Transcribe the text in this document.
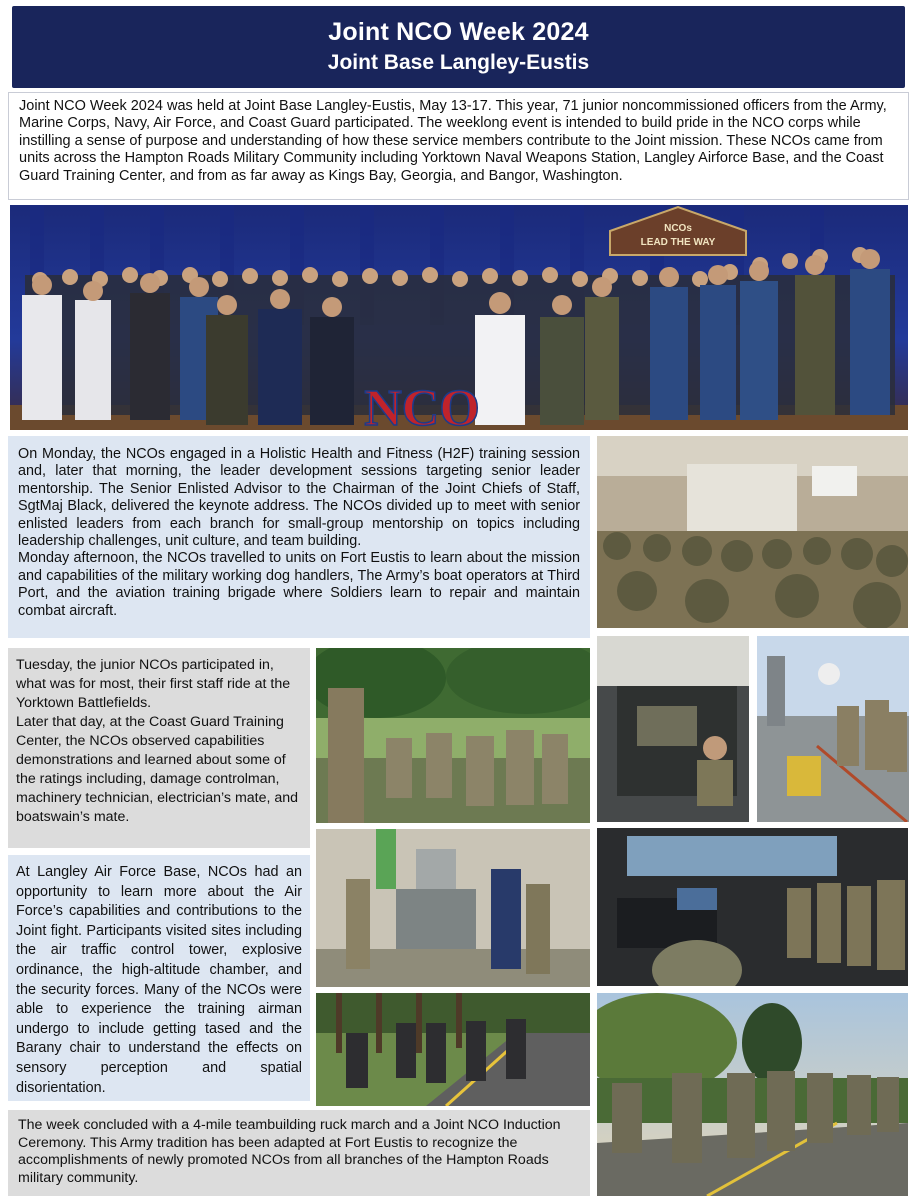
Joint NCO Week 2024
Joint Base Langley-Eustis
Joint NCO Week 2024 was held at Joint Base Langley-Eustis, May 13-17. This year, 71 junior noncommissioned officers from the Army, Marine Corps, Navy, Air Force, and Coast Guard participated. The weeklong event is intended to build pride in the NCO corps while instilling a sense of purpose and understanding of how these service members contribute to the Joint mission. These NCOs came from units across the Hampton Roads Military Community including Yorktown Naval Weapons Station, Langley Airforce Base, and the Coast Guard Training Center, and from as far away as Kings Bay, Georgia, and Bangor, Washington.
NCOs
LEAD THE WAY
NCO

On Monday, the NCOs engaged in a Holistic Health and Fitness (H2F) training session and, later that morning, the leader development sessions targeting senior leader mentorship. The Senior Enlisted Advisor to the Chairman of the Joint Chiefs of Staff, SgtMaj Black, delivered the keynote address. The NCOs divided up to meet with senior enlisted leaders from each branch for small-group mentorship on topics including leadership challenges, unit culture, and team building.

Monday afternoon, the NCOs travelled to units on Fort Eustis to learn about the mission and capabilities of the military working dog handlers, The Army’s boat operators at Third Port, and the aviation training brigade where Soldiers learn to repair and maintain combat aircraft.

Tuesday, the junior NCOs participated in, what was for most, their first staff ride at the Yorktown Battlefields.

Later that day, at the Coast Guard Training Center, the NCOs observed capabilities demonstrations and learned about some of the ratings including, damage controlman, machinery technician, electrician’s mate, and boatswain’s mate.

At Langley Air Force Base, NCOs had an opportunity to learn more about the Air Force’s capabilities and contributions to the Joint fight. Participants visited sites including the air traffic control tower, explosive ordinance, the high-altitude chamber, and the security forces. Many of the NCOs were able to experience the training airman undergo to include getting tased and the Barany chair to understand the effects on sensory perception and spatial disorientation.

The week concluded with a 4-mile teambuilding ruck march and a Joint NCO Induction Ceremony. This Army tradition has been adapted at Fort Eustis to recognize the accomplishments of newly promoted NCOs from all branches of the Hampton Roads military community.
